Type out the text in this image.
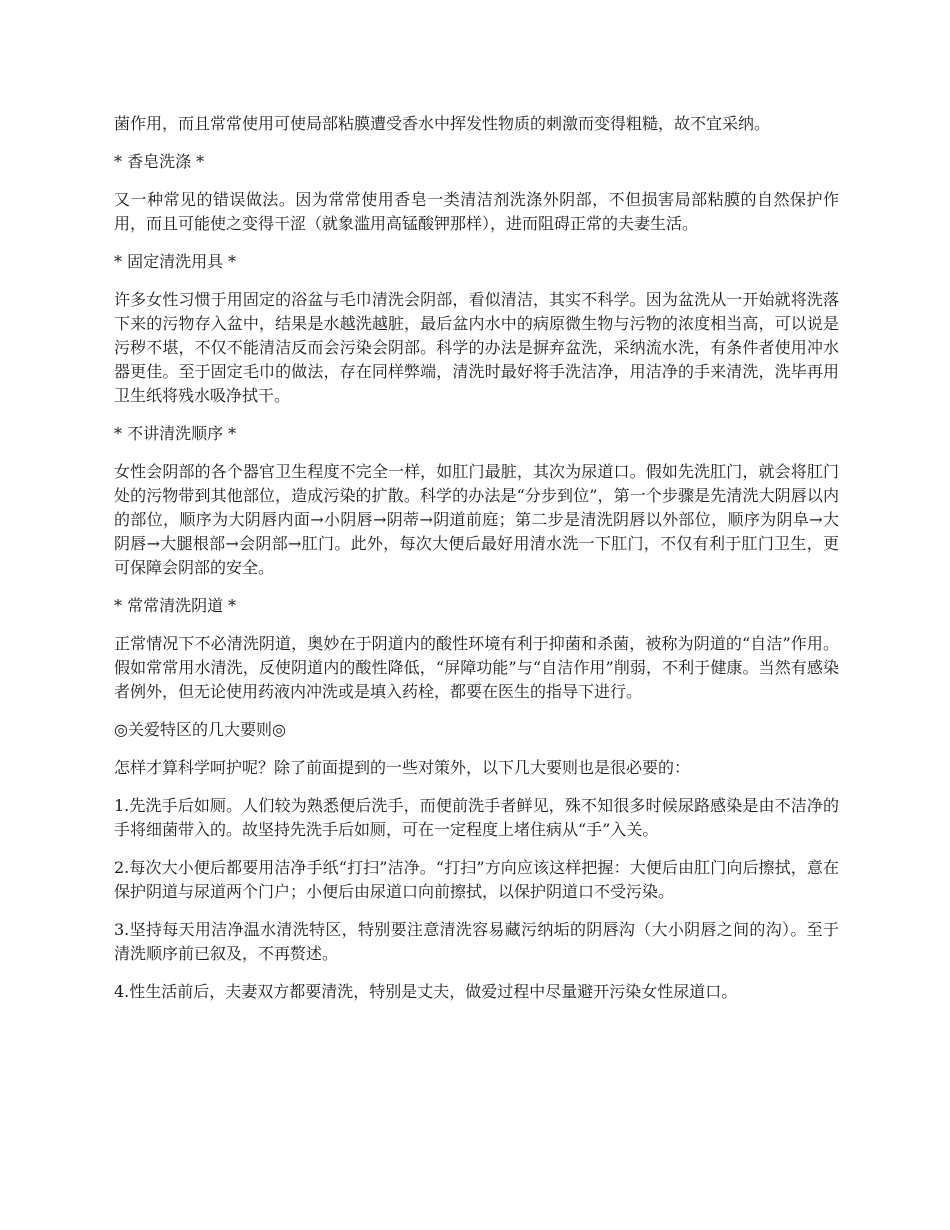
菌作用，而且常常使用可使局部粘膜遭受香水中挥发性物质的刺激而变得粗糙，故不宜采纳。

* 香皂洗涤 *

又一种常见的错误做法。因为常常使用香皂一类清洁剂洗涤外阴部，不但损害局部粘膜的自然保护作用，而且可能使之变得干涩（就象滥用高锰酸钾那样），进而阻碍正常的夫妻生活。

* 固定清洗用具 *

许多女性习惯于用固定的浴盆与毛巾清洗会阴部，看似清洁，其实不科学。因为盆洗从一开始就将洗落下来的污物存入盆中，结果是水越洗越脏，最后盆内水中的病原微生物与污物的浓度相当高，可以说是污秽不堪，不仅不能清洁反而会污染会阴部。科学的办法是摒弃盆洗，采纳流水洗，有条件者使用冲水器更佳。至于固定毛巾的做法，存在同样弊端，清洗时最好将手洗洁净，用洁净的手来清洗，洗毕再用卫生纸将残水吸净拭干。

* 不讲清洗顺序 *

女性会阴部的各个器官卫生程度不完全一样，如肛门最脏，其次为尿道口。假如先洗肛门，就会将肛门处的污物带到其他部位，造成污染的扩散。科学的办法是“分步到位”，第一个步骤是先清洗大阴唇以内的部位，顺序为大阴唇内面→小阴唇→阴蒂→阴道前庭；第二步是清洗阴唇以外部位，顺序为阴阜→大阴唇→大腿根部→会阴部→肛门。此外，每次大便后最好用清水洗一下肛门，不仅有利于肛门卫生，更可保障会阴部的安全。

* 常常清洗阴道 *

正常情况下不必清洗阴道，奥妙在于阴道内的酸性环境有利于抑菌和杀菌，被称为阴道的“自洁”作用。假如常常用水清洗，反使阴道内的酸性降低，“屏障功能”与“自洁作用”削弱，不利于健康。当然有感染者例外，但无论使用药液内冲洗或是填入药栓，都要在医生的指导下进行。

◎关爱特区的几大要则◎

怎样才算科学呵护呢？除了前面提到的一些对策外，以下几大要则也是很必要的：

1.先洗手后如厕。人们较为熟悉便后洗手，而便前洗手者鲜见，殊不知很多时候尿路感染是由不洁净的手将细菌带入的。故坚持先洗手后如厕，可在一定程度上堵住病从“手”入关。

2.每次大小便后都要用洁净手纸“打扫”洁净。“打扫”方向应该这样把握：大便后由肛门向后擦拭，意在保护阴道与尿道两个门户；小便后由尿道口向前擦拭，以保护阴道口不受污染。

3.坚持每天用洁净温水清洗特区，特别要注意清洗容易藏污纳垢的阴唇沟（大小阴唇之间的沟）。至于清洗顺序前已叙及，不再赘述。

4.性生活前后，夫妻双方都要清洗，特别是丈夫，做爱过程中尽量避开污染女性尿道口。
